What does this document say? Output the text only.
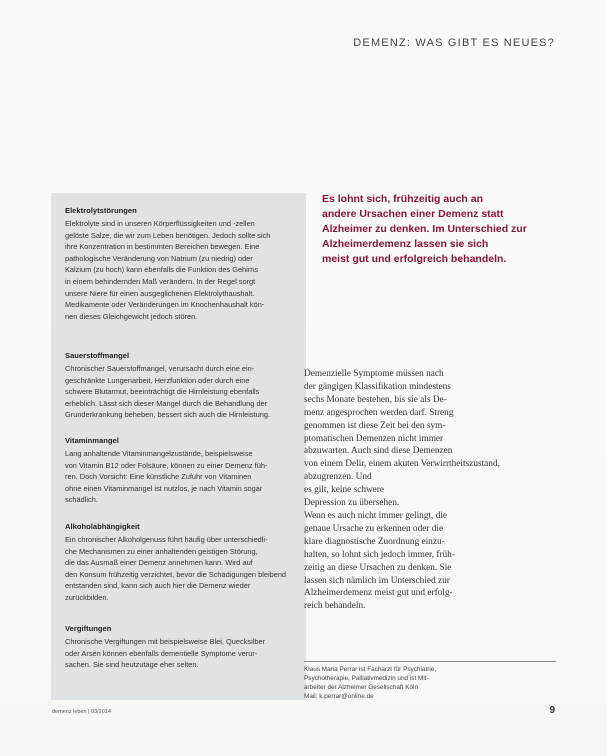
DEMENZ: WAS GIBT ES NEUES?
Elektrolytstörungen
Elektrolyte sind in unseren Körperflüssigkeiten und -zellen
gelöste Salze, die wir zum Leben benötigen. Jedoch sollte sich
ihre Konzentration in bestimmten Bereichen bewegen. Eine
pathologische Veränderung von Natrium (zu niedrig) oder
Kalzium (zu hoch) kann ebenfalls die Funktion des Gehirns
in einem behindernden Maß verändern. In der Regel sorgt
unsere Niere für einen ausgeglichenen Elektrolythaushalt.
Medikamente oder Veränderungen im Knochenhaushalt kön-
nen dieses Gleichgewicht jedoch stören.
Sauerstoffmangel
Chronischer Sauerstoffmangel, verursacht durch eine ein-
geschränkte Lungenarbeit, Herzfunktion oder durch eine
schwere Blutarmut, beeinträchtigt die Hirnleistung ebenfalls
erheblich. Lässt sich dieser Mangel durch die Behandlung der
Grunderkrankung beheben, bessert sich auch die Hirnleistung.
Vitaminmangel
Lang anhaltende Vitaminmangelzustände, beispielsweise
von Vitamin B12 oder Folsäure, können zu einer Demenz füh-
ren. Doch Vorsicht: Eine künstliche Zufuhr von Vitaminen
ohne einen Vitaminmangel ist nutzlos, je nach Vitamin sogar
schädlich.
Alkoholabhängigkeit
Ein chronischer Alkoholgenuss führt häufig über unterschiedli-
che Mechanismen zu einer anhaltenden geistigen Störung,
die das Ausmaß einer Demenz annehmen kann. Wird auf
den Konsum frühzeitig verzichtet, bevor die Schädigungen bleibend
entstanden sind, kann sich auch hier die Demenz wieder
zurückbilden.
Vergiftungen
Chronische Vergiftungen mit beispielsweise Blei, Quecksilber
oder Arsen können ebenfalls dementielle Symptome verur-
sachen. Sie sind heutzutage eher selten.
Es lohnt sich, frühzeitig auch an
andere Ursachen einer Demenz statt
Alzheimer zu denken. Im Unterschied zur
Alzheimerdemenz lassen sie sich
meist gut und erfolgreich behandeln.
Demenzielle Symptome müssen nach
der gängigen Klassifikation mindestens
sechs Monate bestehen, bis sie als De-
menz angesprochen werden darf. Streng
genommen ist diese Zeit bei den sym-
ptomatischen Demenzen nicht immer
abzuwarten. Auch sind diese Demenzen
von einem Delir, einem akuten Verwirrtheitszustand,
abzugrenzen. Und
es gilt, keine schwere
Depression zu übersehen.
Wenn es auch nicht immer gelingt, die
genaue Ursache zu erkennen oder die
klare diagnostische Zuordnung einzu-
halten, so lohnt sich jedoch immer, früh-
zeitig an diese Ursachen zu denken. Sie
lassen sich nämlich im Unterschied zur
Alzheimerdemenz meist gut und erfolg-
reich behandeln.
Klaus Maria Perrar ist Facharzt für Psychiatrie,
Psychotherapie, Palliativmedizin und ist Mit-
arbeiter der Alzheimer Gesellschaft Köln
Mail: k.perrar@online.de
demenz leben | 03/2014	9
